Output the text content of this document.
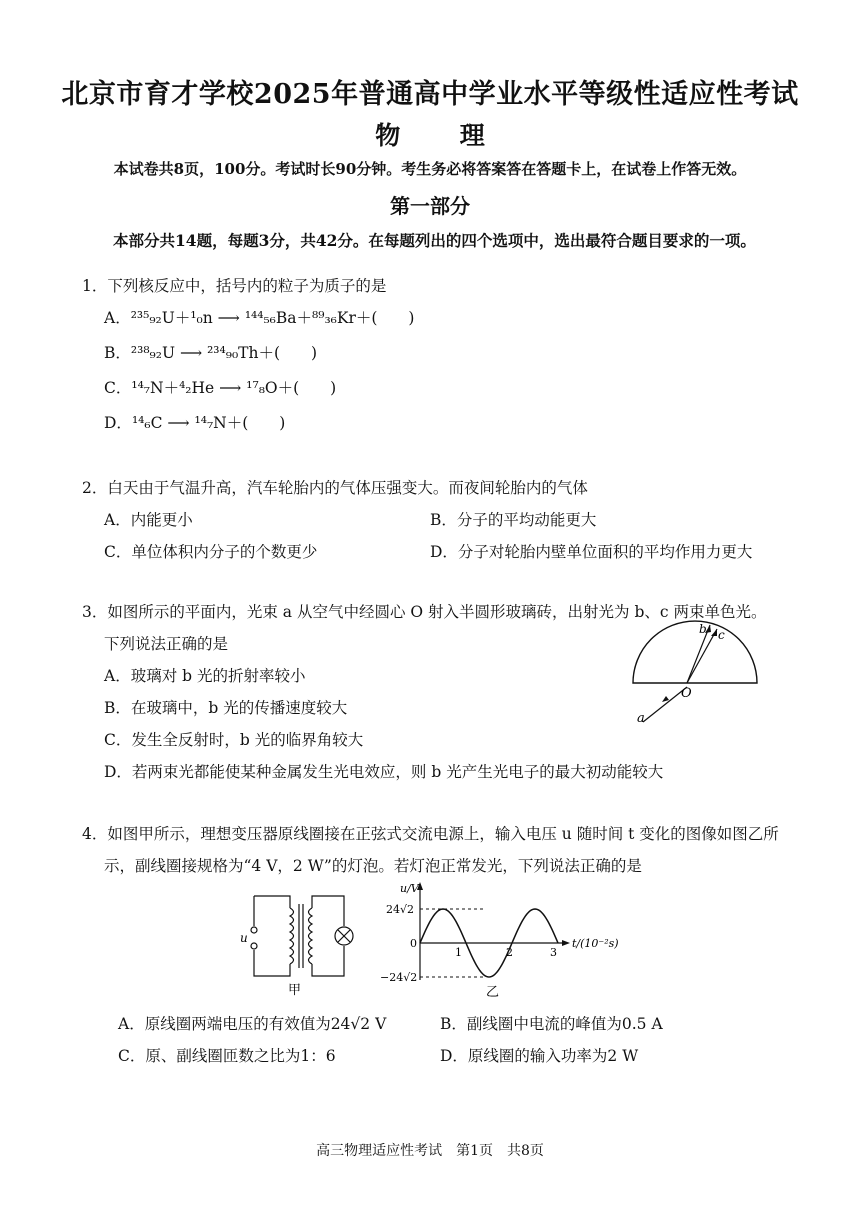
北京市育才学校2025年普通高中学业水平等级性适应性考试
物 理
本试卷共8页，100分。考试时长90分钟。考生务必将答案答在答题卡上，在试卷上作答无效。
第一部分
本部分共14题，每题3分，共42分。在每题列出的四个选项中，选出最符合题目要求的一项。
1．下列核反应中，括号内的粒子为质子的是
A．²³⁵₉₂U＋¹₀n ⟶ ¹⁴⁴₅₆Ba＋⁸⁹₃₆Kr＋(　　)
B．²³⁸₉₂U ⟶ ²³⁴₉₀Th＋(　　)
C．¹⁴₇N＋⁴₂He ⟶ ¹⁷₈O＋(　　)
D．¹⁴₆C ⟶ ¹⁴₇N＋(　　)
2．白天由于气温升高，汽车轮胎内的气体压强变大。而夜间轮胎内的气体
A．内能更小	B．分子的平均动能更大
C．单位体积内分子的个数更少	D．分子对轮胎内壁单位面积的平均作用力更大
3．如图所示的平面内，光束 a 从空气中经圆心 O 射入半圆形玻璃砖，出射光为 b、c 两束单色光。
下列说法正确的是
A．玻璃对 b 光的折射率较小
B．在玻璃中，b 光的传播速度较大
C．发生全反射时，b 光的临界角较大
D．若两束光都能使某种金属发生光电效应，则 b 光产生光电子的最大初动能较大
a
b c
O
4．如图甲所示，理想变压器原线圈接在正弦式交流电源上，输入电压 u 随时间 t 变化的图像如图乙所
示，副线圈接规格为“4 V，2 W”的灯泡。若灯泡正常发光，下列说法正确的是
u
甲
u/V
24√2
0
−24√2
1	2	3
t/(10⁻²s)
乙
A．原线圈两端电压的有效值为24√2 V	B．副线圈中电流的峰值为0.5 A
C．原、副线圈匝数之比为1：6	D．原线圈的输入功率为2 W
高三物理适应性考试　第1页　共8页
